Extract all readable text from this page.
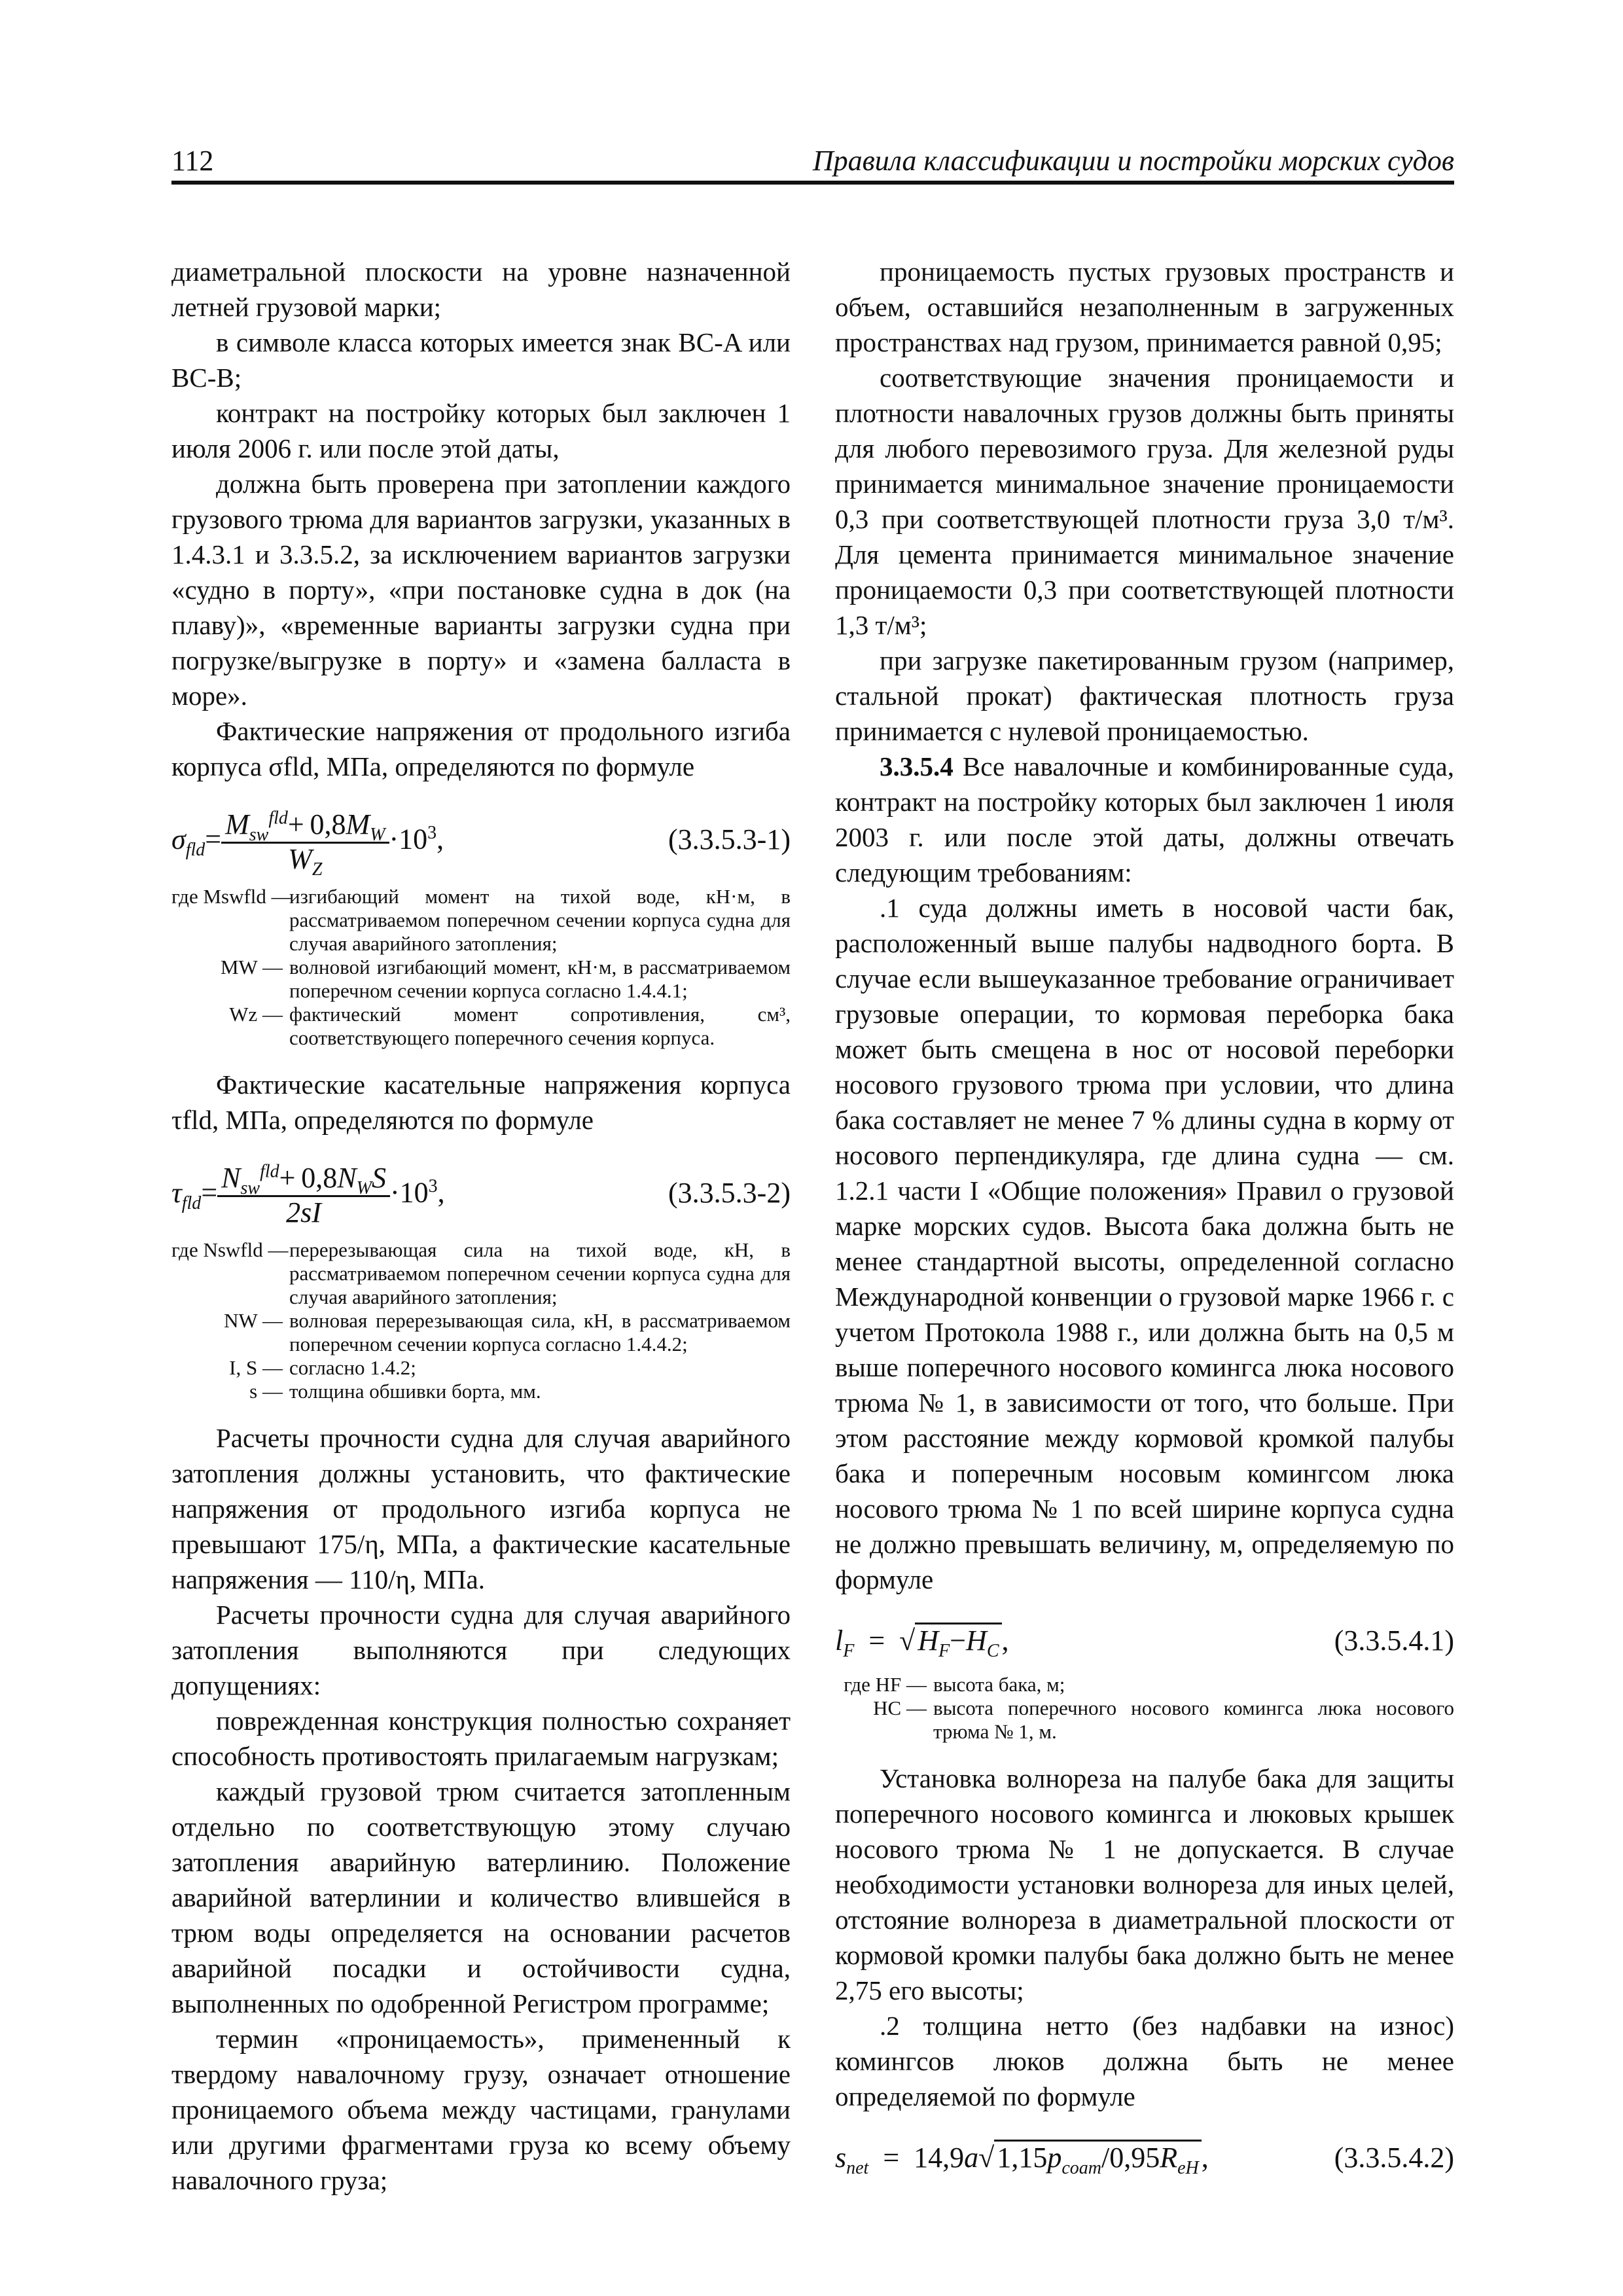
112	Правила классификации и постройки морских судов

диаметральной плоскости на уровне назначенной летней грузовой марки;

в символе класса которых имеется знак BC-A или BC-B;

контракт на постройку которых был заключен 1 июля 2006 г. или после этой даты,

должна быть проверена при затоплении каждого грузового трюма для вариантов загрузки, указанных в 1.4.3.1 и 3.3.5.2, за исключением вариантов загрузки «судно в порту», «при постановке судна в док (на плаву)», «временные варианты загрузки судна при погрузке/выгрузке в порту» и «замена балласта в море».

Фактические напряжения от продольного изгиба корпуса σfld, МПа, определяются по формуле

$\sigma_{fld}= \frac{M_{sw}^{fld}+ 0,8M_W}{W_Z} \cdot 10^3$,	(3.3.5.3-1)
где Mswfld —
изгибающий момент на тихой воде, кН·м, в рассматриваемом поперечном сечении корпуса судна для случая аварийного затопления;
MW — волновой изгибающий момент, кН·м, в рассматриваемом поперечном сечении корпуса согласно 1.4.4.1;
Wz — фактический момент сопротивления, см³, соответствующего поперечного сечения корпуса.

Фактические касательные напряжения корпуса τfld, МПа, определяются по формуле

$\tau_{fld}= \frac{N_{sw}^{fld}+ 0,8N_WS}{2sI} \cdot 10^3$,	(3.3.5.3-2)
где Nswfld — перерезывающая сила на тихой воде, кН, в рассматриваемом поперечном сечении корпуса судна для случая аварийного затопления;
NW — волновая перерезывающая сила, кН, в рассматриваемом поперечном сечении корпуса согласно 1.4.4.2;
I, S — согласно 1.4.2;
s — толщина обшивки борта, мм.

Расчеты прочности судна для случая аварийного затопления должны установить, что фактические напряжения от продольного изгиба корпуса не превышают 175/η, МПа, а фактические касательные напряжения — 110/η, МПа.

Расчеты прочности судна для случая аварийного затопления выполняются при следующих допущениях:

поврежденная конструкция полностью сохраняет способность противостоять прилагаемым нагрузкам;

каждый грузовой трюм считается затопленным отдельно по соответствующую этому случаю затопления аварийную ватерлинию. Положение аварийной ватерлинии и количество влившейся в трюм воды определяется на основании расчетов аварийной посадки и остойчивости судна, выполненных по одобренной Регистром программе;

термин «проницаемость», примененный к твердому навалочному грузу, означает отношение проницаемого объема между частицами, гранулами или другими фрагментами груза ко всему объему навалочного груза;

проницаемость пустых грузовых пространств и объем, оставшийся незаполненным в загруженных пространствах над грузом, принимается равной 0,95;

соответствующие значения проницаемости и плотности навалочных грузов должны быть приняты для любого перевозимого груза. Для железной руды принимается минимальное значение проницаемости 0,3 при соответствующей плотности груза 3,0 т/м³. Для цемента принимается минимальное значение проницаемости 0,3 при соответствующей плотности 1,3 т/м³;

при загрузке пакетированным грузом (например, стальной прокат) фактическая плотность груза принимается с нулевой проницаемостью.

3.3.5.4 Все навалочные и комбинированные суда, контракт на постройку которых был заключен 1 июля 2003 г. или после этой даты, должны отвечать следующим требованиям:

.1 суда должны иметь в носовой части бак, расположенный выше палубы надводного борта. В случае если вышеуказанное требование ограничивает грузовые операции, то кормовая переборка бака может быть смещена в нос от носовой переборки носового грузового трюма при условии, что длина бака составляет не менее 7 % длины судна в корму от носового перпендикуляра, где длина судна — см. 1.2.1 части I «Общие положения» Правил о грузовой марке морских судов. Высота бака должна быть не менее стандартной высоты, определенной согласно Международной конвенции о грузовой марке 1966 г. с учетом Протокола 1988 г., или должна быть на 0,5 м выше поперечного носового комингса люка носового трюма № 1, в зависимости от того, что больше. При этом расстояние между кормовой кромкой палубы бака и поперечным носовым комингсом люка носового трюма № 1 по всей ширине корпуса судна не должно превышать величину, м, определяемую по формуле

$l_F = √H_F-H_C$,	(3.3.5.4.1)
где HF — высота бака, м;
HC — высота поперечного носового комингса люка носового трюма № 1, м.

Установка волнореза на палубе бака для защиты поперечного носового комингса и люковых крышек носового трюма № 1 не допускается. В случае необходимости установки волнореза для иных целей, отстояние волнореза в диаметральной плоскости от кормовой кромки палубы бака должно быть не менее 2,75 его высоты;

.2 толщина нетто (без надбавки на износ) комингсов люков должна быть не менее определяемой по формуле

$s_{net} = 14,9a√1,15p_{coam}/0,95R_{eH}$,	(3.3.5.4.2)
